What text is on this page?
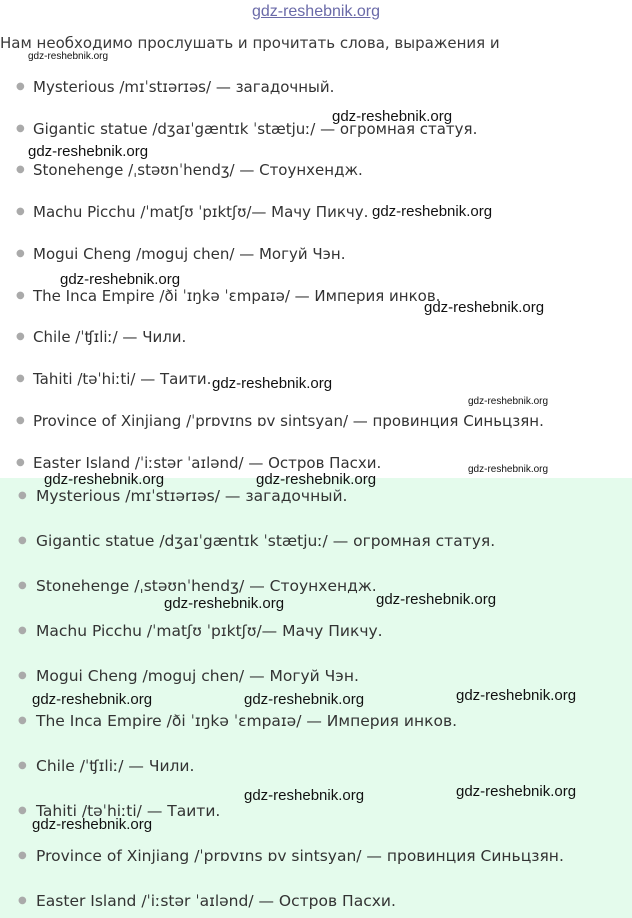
gdz-reshebnik.org
Нам необходимо прослушать и прочитать слова, выражения и
● Mysterious /mɪˈstɪərɪəs/ — загадочный.
● Gigantic statue /dʒaɪˈgæntɪk ˈstætjuː/ — огромная статуя.
● Stonehenge /ˌstəʊnˈhendʒ/ — Стоунхендж.
● Machu Picchu /ˈmatʃʊ ˈpɪktʃʊ/— Мачу Пикчу.
● Mogui Cheng /moguj chen/ — Могуй Чэн.
● The Inca Empire /ði ˈɪŋkə ˈɛmpaɪə/ — Империя инков.
● Chile /ˈʧɪliː/ — Чили.
● Tahiti /təˈhiːti/ — Таити.
● Province of Xinjiang /ˈprɒvɪns ɒv sintsyan/ — провинция Синьцзян.
● Easter Island /ˈiːstər ˈaɪlənd/ — Остров Пасхи.
● Mysterious /mɪˈstɪərɪəs/ — загадочный.
● Gigantic statue /dʒaɪˈgæntɪk ˈstætjuː/ — огромная статуя.
● Stonehenge /ˌstəʊnˈhendʒ/ — Стоунхендж.
● Machu Picchu /ˈmatʃʊ ˈpɪktʃʊ/— Мачу Пикчу.
● Mogui Cheng /moguj chen/ — Могуй Чэн.
● The Inca Empire /ði ˈɪŋkə ˈɛmpaɪə/ — Империя инков.
● Chile /ˈʧɪliː/ — Чили.
● Tahiti /təˈhiːti/ — Таити.
● Province of Xinjiang /ˈprɒvɪns ɒv sintsyan/ — провинция Синьцзян.
● Easter Island /ˈiːstər ˈaɪlənd/ — Остров Пасхи.
gdz-reshebnik.org
gdz-reshebnik.org
gdz-reshebnik.org
gdz-reshebnik.org
gdz-reshebnik.org
gdz-reshebnik.org
gdz-reshebnik.org
gdz-reshebnik.org
gdz-reshebnik.org
gdz-reshebnik.org	gdz-reshebnik.org
gdz-reshebnik.org
gdz-reshebnik.org
gdz-reshebnik.org
gdz-reshebnik.org	gdz-reshebnik.org
gdz-reshebnik.org
gdz-reshebnik.org
gdz-reshebnik.org
